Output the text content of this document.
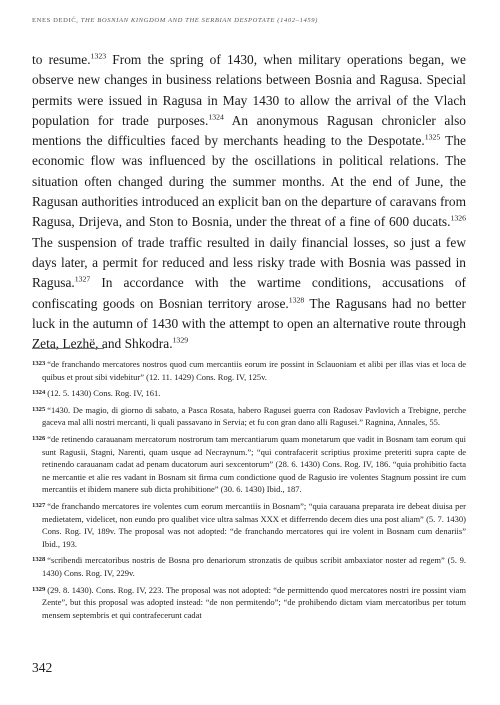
ENES DEDIĆ, THE BOSNIAN KINGDOM AND THE SERBIAN DESPOTATE (1402–1459)

to resume.$^{1323}$ From the spring of 1430, when military operations began, we observe new changes in business relations between Bosnia and Ragusa. Special permits were issued in Ragusa in May 1430 to allow the arrival of the Vlach population for trade purposes.$^{1324}$ An anonymous Ragusan chronicler also mentions the difficulties faced by merchants heading to the Despotate.$^{1325}$ The economic flow was influenced by the oscillations in political relations. The situation often changed during the summer months. At the end of June, the Ragusan authorities introduced an explicit ban on the departure of caravans from Ragusa, Drijeva, and Ston to Bosnia, under the threat of a fine of 600 ducats.$^{1326}$ The suspension of trade traffic resulted in daily financial losses, so just a few days later, a permit for reduced and less risky trade with Bosnia was passed in Ragusa.$^{1327}$ In accordance with the wartime conditions, accusations of confiscating goods on Bosnian territory arose.$^{1328}$ The Ragusans had no better luck in the autumn of 1430 with the attempt to open an alternative route through Zeta, Lezhë, and Shkodra.$^{1329}$

$^{1323}$ “de franchando mercatores nostros quod cum mercantiis eorum ire possint in Sclauoniam et alibi per illas vias et loca de quibus et prout sibi videbitur” (12. 11. 1429) Cons. Rog. IV, 125v.

$^{1324}$ (12. 5. 1430) Cons. Rog. IV, 161.

$^{1325}$ “1430. De magio, di giorno di sabato, a Pasca Rosata, habero Ragusei guerra con Radosav Pavlovich a Trebigne, perche gaceva mal alli nostri mercanti, li quali passavano in Servia; et fu con gran dano alli Ragusei.” Ragnina, Annales, 55.

$^{1326}$ “de retinendo carauanam mercatorum nostrorum tam mercantiarum quam monetarum que vadit in Bosnam tam eorum qui sunt Ragusii, Stagni, Narenti, quam usque ad Necraynum.”; “qui contrafacerit scriptius proxime preteriti supra capte de retinendo carauanam cadat ad penam ducatorum auri sexcentorum” (28. 6. 1430) Cons. Rog. IV, 186. “quia prohibitio facta ne mercantie et alie res vadant in Bosnam sit firma cum condictione quod de Ragusio ire volentes Stagnum possint ire cum mercantiis et ibidem manere sub dicta prohibitione” (30. 6. 1430) Ibid., 187.

$^{1327}$ “de franchando mercatores ire volentes cum eorum mercantiis in Bosnam”; “quia carauana preparata ire debeat diuisa per medietatem, videlicet, non eundo pro qualibet vice ultra salmas XXX et differrendo decem dies una post aliam” (5. 7. 1430) Cons. Rog. IV, 189v. The proposal was not adopted: “de franchando mercatores qui ire volent in Bosnam cum denariis” Ibid., 193.

$^{1328}$ “scribendi mercatoribus nostris de Bosna pro denariorum stronzatis de quibus scribit ambaxiator noster ad regem” (5. 9. 1430) Cons. Rog. IV, 229v.

$^{1329}$ (29. 8. 1430). Cons. Rog. IV, 223. The proposal was not adopted: “de permittendo quod mercatores nostri ire possint viam Zente”, but this proposal was adopted instead: “de non permitendo”; “de prohibendo dictam viam mercatoribus per totum mensem septembris et qui contrafecerunt cadat

342
